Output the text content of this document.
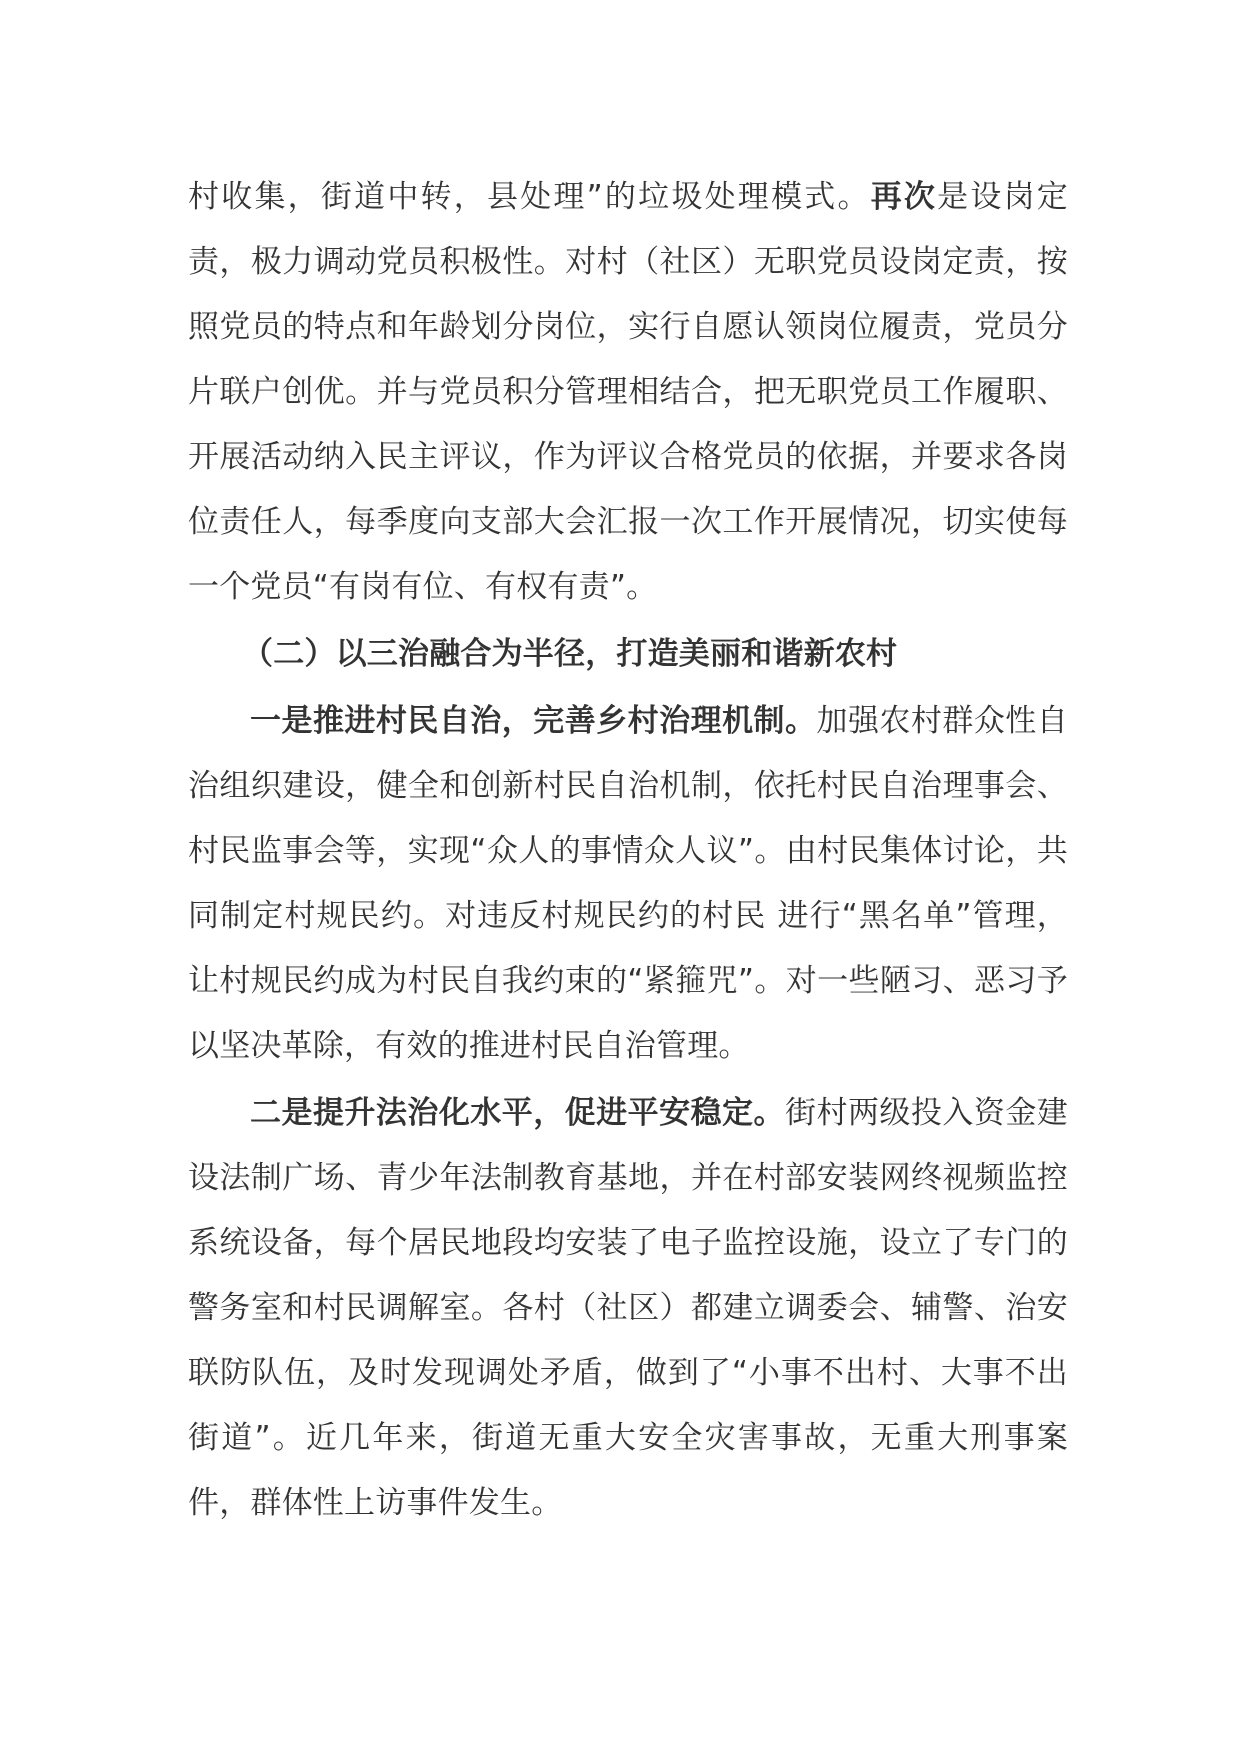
村收集，街道中转，县处理”的垃圾处理模式。再次是设岗定责，极力调动党员积极性。对村（社区）无职党员设岗定责，按照党员的特点和年龄划分岗位，实行自愿认领岗位履责，党员分片联户创优。并与党员积分管理相结合，把无职党员工作履职、开展活动纳入民主评议，作为评议合格党员的依据，并要求各岗位责任人，每季度向支部大会汇报一次工作开展情况，切实使每一个党员“有岗有位、有权有责”。

（二）以三治融合为半径，打造美丽和谐新农村

一是推进村民自治，完善乡村治理机制。加强农村群众性自治组织建设，健全和创新村民自治机制，依托村民自治理事会、村民监事会等，实现“众人的事情众人议”。由村民集体讨论，共同制定村规民约。对违反村规民约的村民 进行“黑名单”管理，让村规民约成为村民自我约束的“紧箍咒”。对一些陋习、恶习予以坚决革除，有效的推进村民自治管理。

二是提升法治化水平，促进平安稳定。街村两级投入资金建设法制广场、青少年法制教育基地，并在村部安装网终视频监控系统设备，每个居民地段均安装了电子监控设施，设立了专门的警务室和村民调解室。各村（社区）都建立调委会、辅警、治安联防队伍，及时发现调处矛盾，做到了“小事不出村、大事不出街道”。近几年来，街道无重大安全灾害事故，无重大刑事案件，群体性上访事件发生。
